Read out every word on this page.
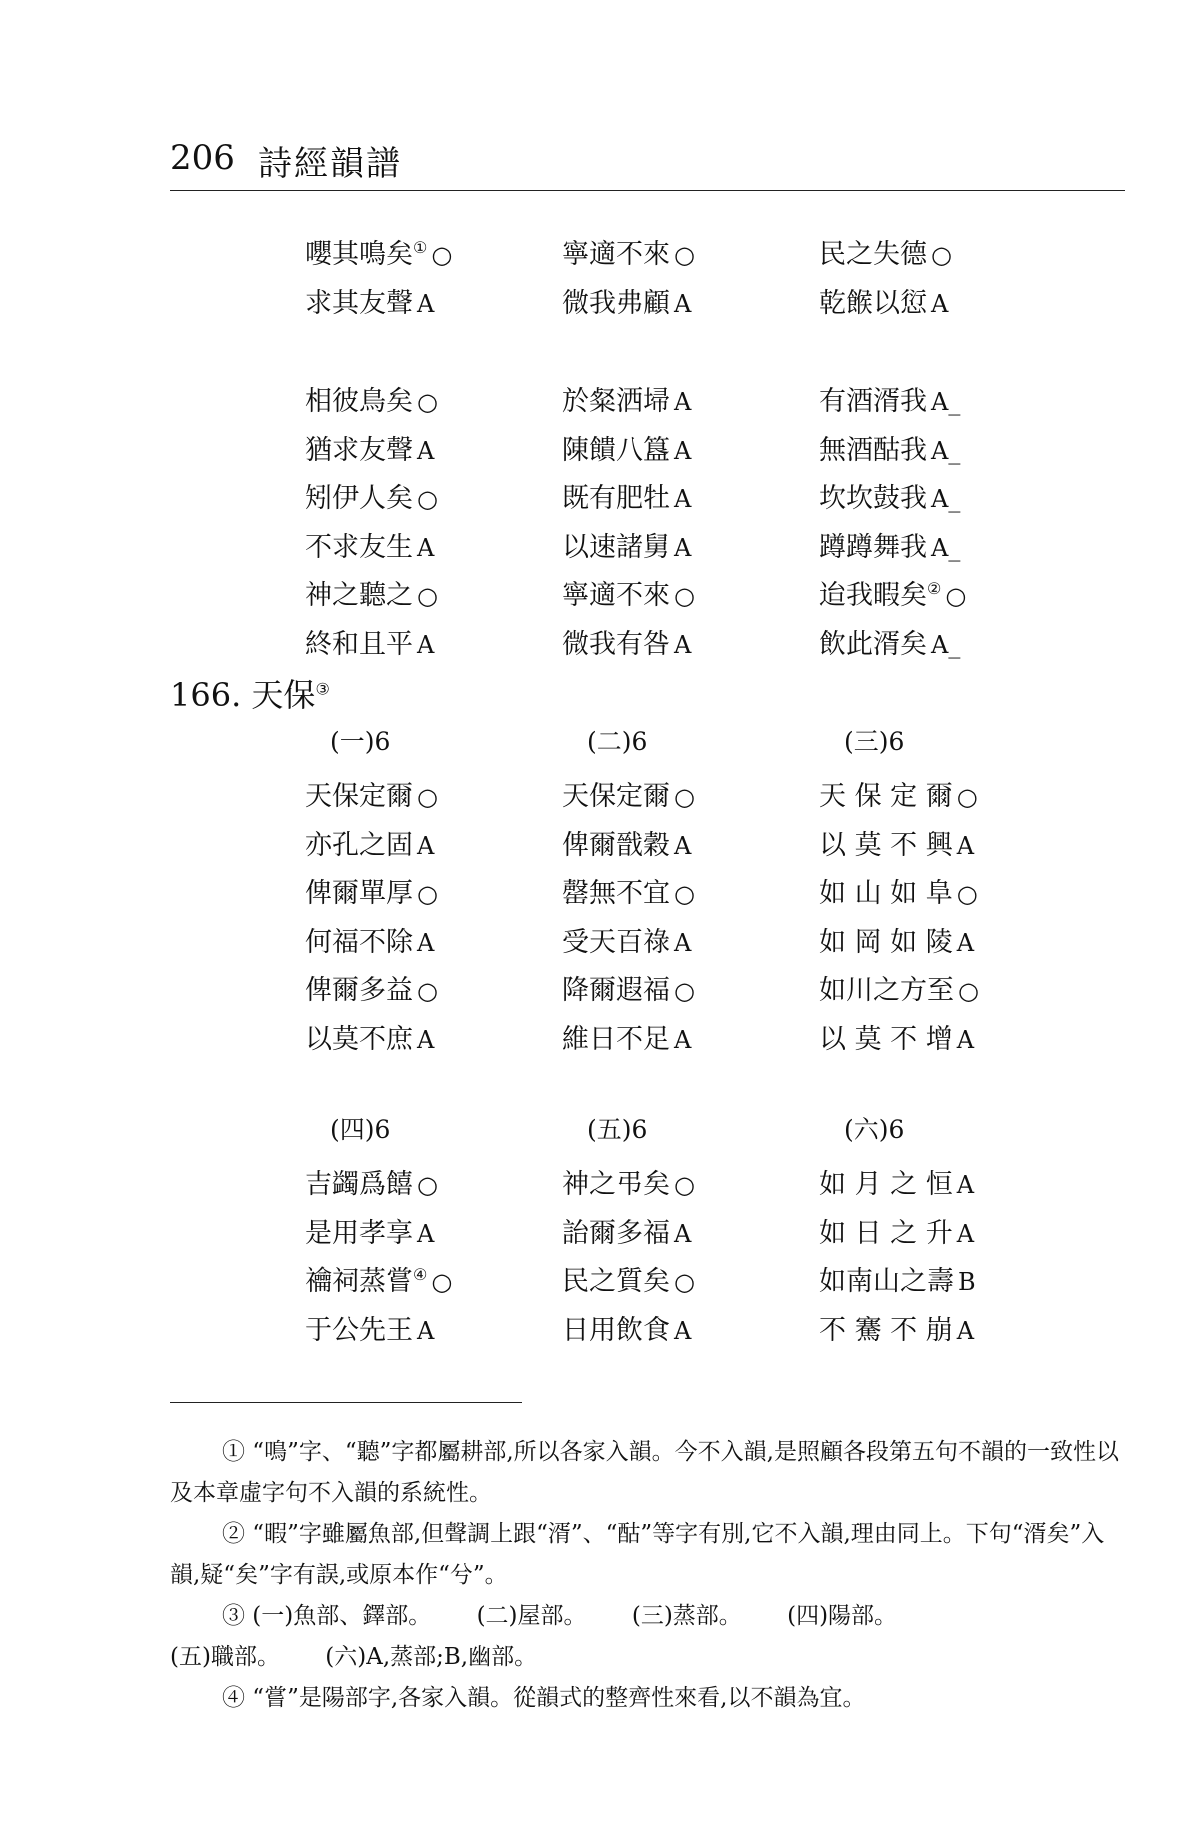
206 詩經韻譜
嚶其鳴矣① ○	寧適不來 ○	民之失德 ○
求其友聲 A	微我弗顧 A	乾餱以愆 A
相彼鳥矣 ○	於粲洒埽 A	有酒湑我 A_
猶求友聲 A	陳饋八簋 A	無酒酤我 A_
矧伊人矣 ○	既有肥牡 A	坎坎鼓我 A_
不求友生 A	以速諸舅 A	蹲蹲舞我 A_
神之聽之 ○	寧適不來 ○	迨我暇矣② ○
終和且平 A	微我有咎 A	飲此湑矣 A_
166. 天保③
(一)6	(二)6	(三)6
天保定爾 ○	天保定爾 ○	天 保 定 爾 ○
亦孔之固 A	俾爾戩穀 A	以 莫 不 興 A
俾爾單厚 ○	罄無不宜 ○	如 山 如 阜 ○
何福不除 A	受天百祿 A	如 岡 如 陵 A
俾爾多益 ○	降爾遐福 ○	如川之方至 ○
以莫不庶 A	維日不足 A	以 莫 不 增 A
(四)6	(五)6	(六)6
吉蠲爲饎 ○	神之弔矣 ○	如 月 之 恒 A
是用孝享 A	詒爾多福 A	如 日 之 升 A
禴祠蒸嘗④ ○	民之質矣 ○	如南山之壽 B
于公先王 A	日用飲食 A	不 騫 不 崩 A
① “鳴”字、“聽”字都屬耕部,所以各家入韻。今不入韻,是照顧各段第五句不韻的一致性以及本章虛字句不入韻的系統性。
② “暇”字雖屬魚部,但聲調上跟“湑”、“酤”等字有別,它不入韻,理由同上。下句“湑矣”入韻,疑“矣”字有誤,或原本作“兮”。
③ (一)魚部、鐸部。 (二)屋部。 (三)蒸部。 (四)陽部。
(五)職部。 (六)A,蒸部;B,幽部。
④ “嘗”是陽部字,各家入韻。從韻式的整齊性來看,以不韻為宜。
